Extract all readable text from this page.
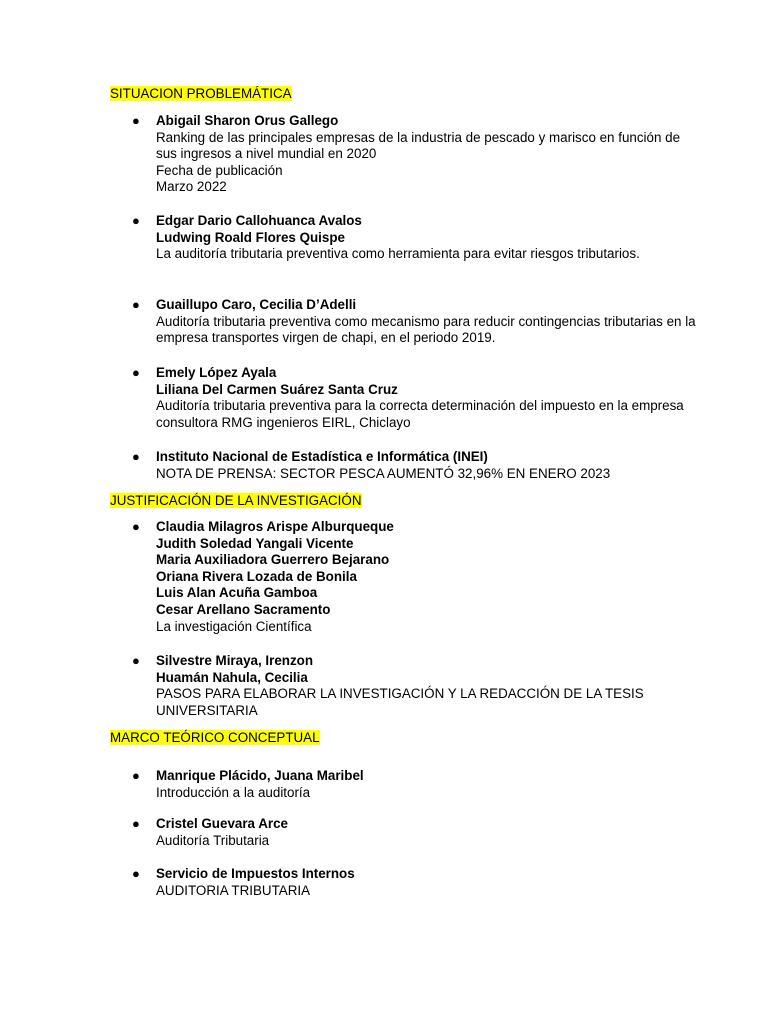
SITUACION PROBLEMÁTICA
● Abigail Sharon Orus Gallego
Ranking de las principales empresas de la industria de pescado y marisco en función de sus ingresos a nivel mundial en 2020
Fecha de publicación
Marzo 2022
● Edgar Dario Callohuanca Avalos
Ludwing Roald Flores Quispe
La auditoría tributaria preventiva como herramienta para evitar riesgos tributarios.
● Guaillupo Caro, Cecilia D’Adelli
Auditoría tributaria preventiva como mecanismo para reducir contingencias tributarias en la empresa transportes virgen de chapi, en el periodo 2019.
● Emely López Ayala
Liliana Del Carmen Suárez Santa Cruz
Auditoría tributaria preventiva para la correcta determinación del impuesto en la empresa consultora RMG ingenieros EIRL, Chiclayo
● Instituto Nacional de Estadística e Informática (INEI)
NOTA DE PRENSA: SECTOR PESCA AUMENTÓ 32,96% EN ENERO 2023
JUSTIFICACIÓN DE LA INVESTIGACIÓN
● Claudia Milagros Arispe Alburqueque
Judith Soledad Yangali Vicente
Maria Auxiliadora Guerrero Bejarano
Oriana Rivera Lozada de Bonila
Luis Alan Acuña Gamboa
Cesar Arellano Sacramento
La investigación Científica
● Silvestre Miraya, Irenzon
Huamán Nahula, Cecilia
PASOS PARA ELABORAR LA INVESTIGACIÓN Y LA REDACCIÓN DE LA TESIS UNIVERSITARIA
MARCO TEÓRICO CONCEPTUAL
● Manrique Plácido, Juana Maribel
Introducción a la auditoría
● Cristel Guevara Arce
Auditoría Tributaria
● Servicio de Impuestos Internos
AUDITORIA TRIBUTARIA
